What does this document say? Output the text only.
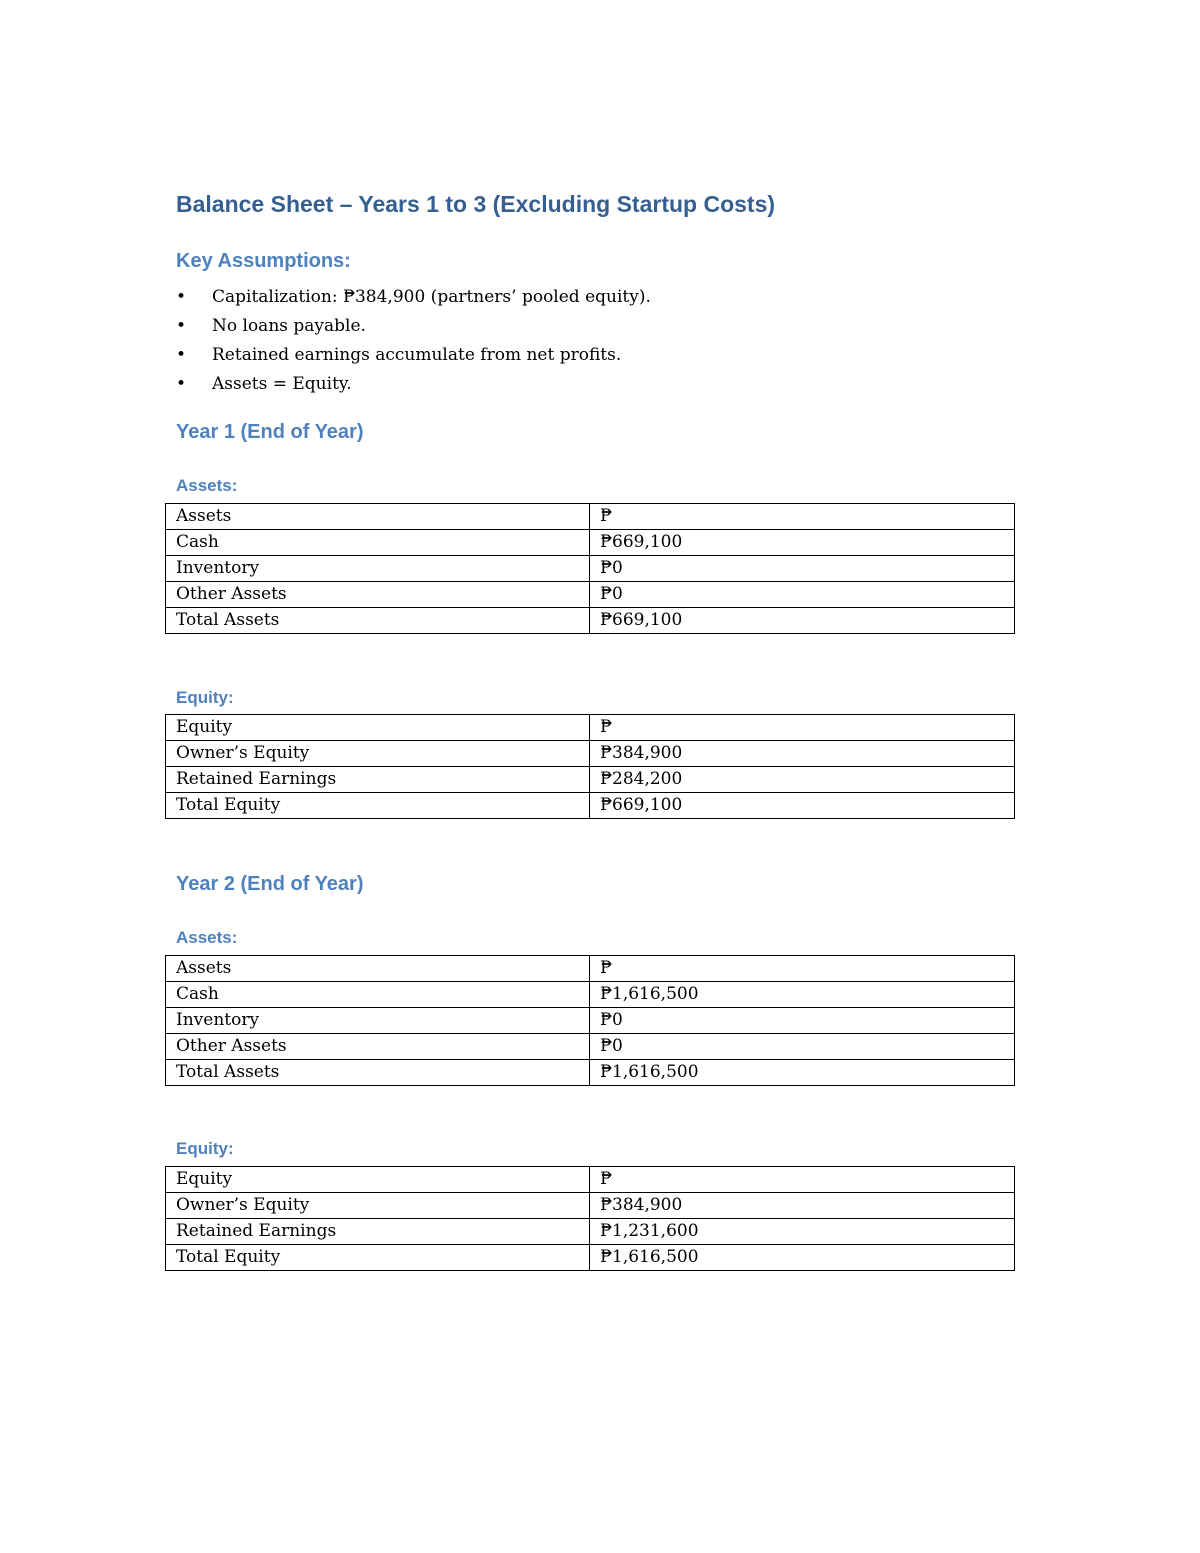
Balance Sheet – Years 1 to 3 (Excluding Startup Costs)
Key Assumptions:
• Capitalization: ₱384,900 (partners’ pooled equity).
• No loans payable.
• Retained earnings accumulate from net profits.
• Assets = Equity.
Year 1 (End of Year)
Assets:
Assets	₱
Cash	₱669,100
Inventory	₱0
Other Assets	₱0
Total Assets	₱669,100
Equity:
Equity	₱
Owner’s Equity	₱384,900
Retained Earnings	₱284,200
Total Equity	₱669,100
Year 2 (End of Year)
Assets:
Assets	₱
Cash	₱1,616,500
Inventory	₱0
Other Assets	₱0
Total Assets	₱1,616,500
Equity:
Equity	₱
Owner’s Equity	₱384,900
Retained Earnings	₱1,231,600
Total Equity	₱1,616,500
